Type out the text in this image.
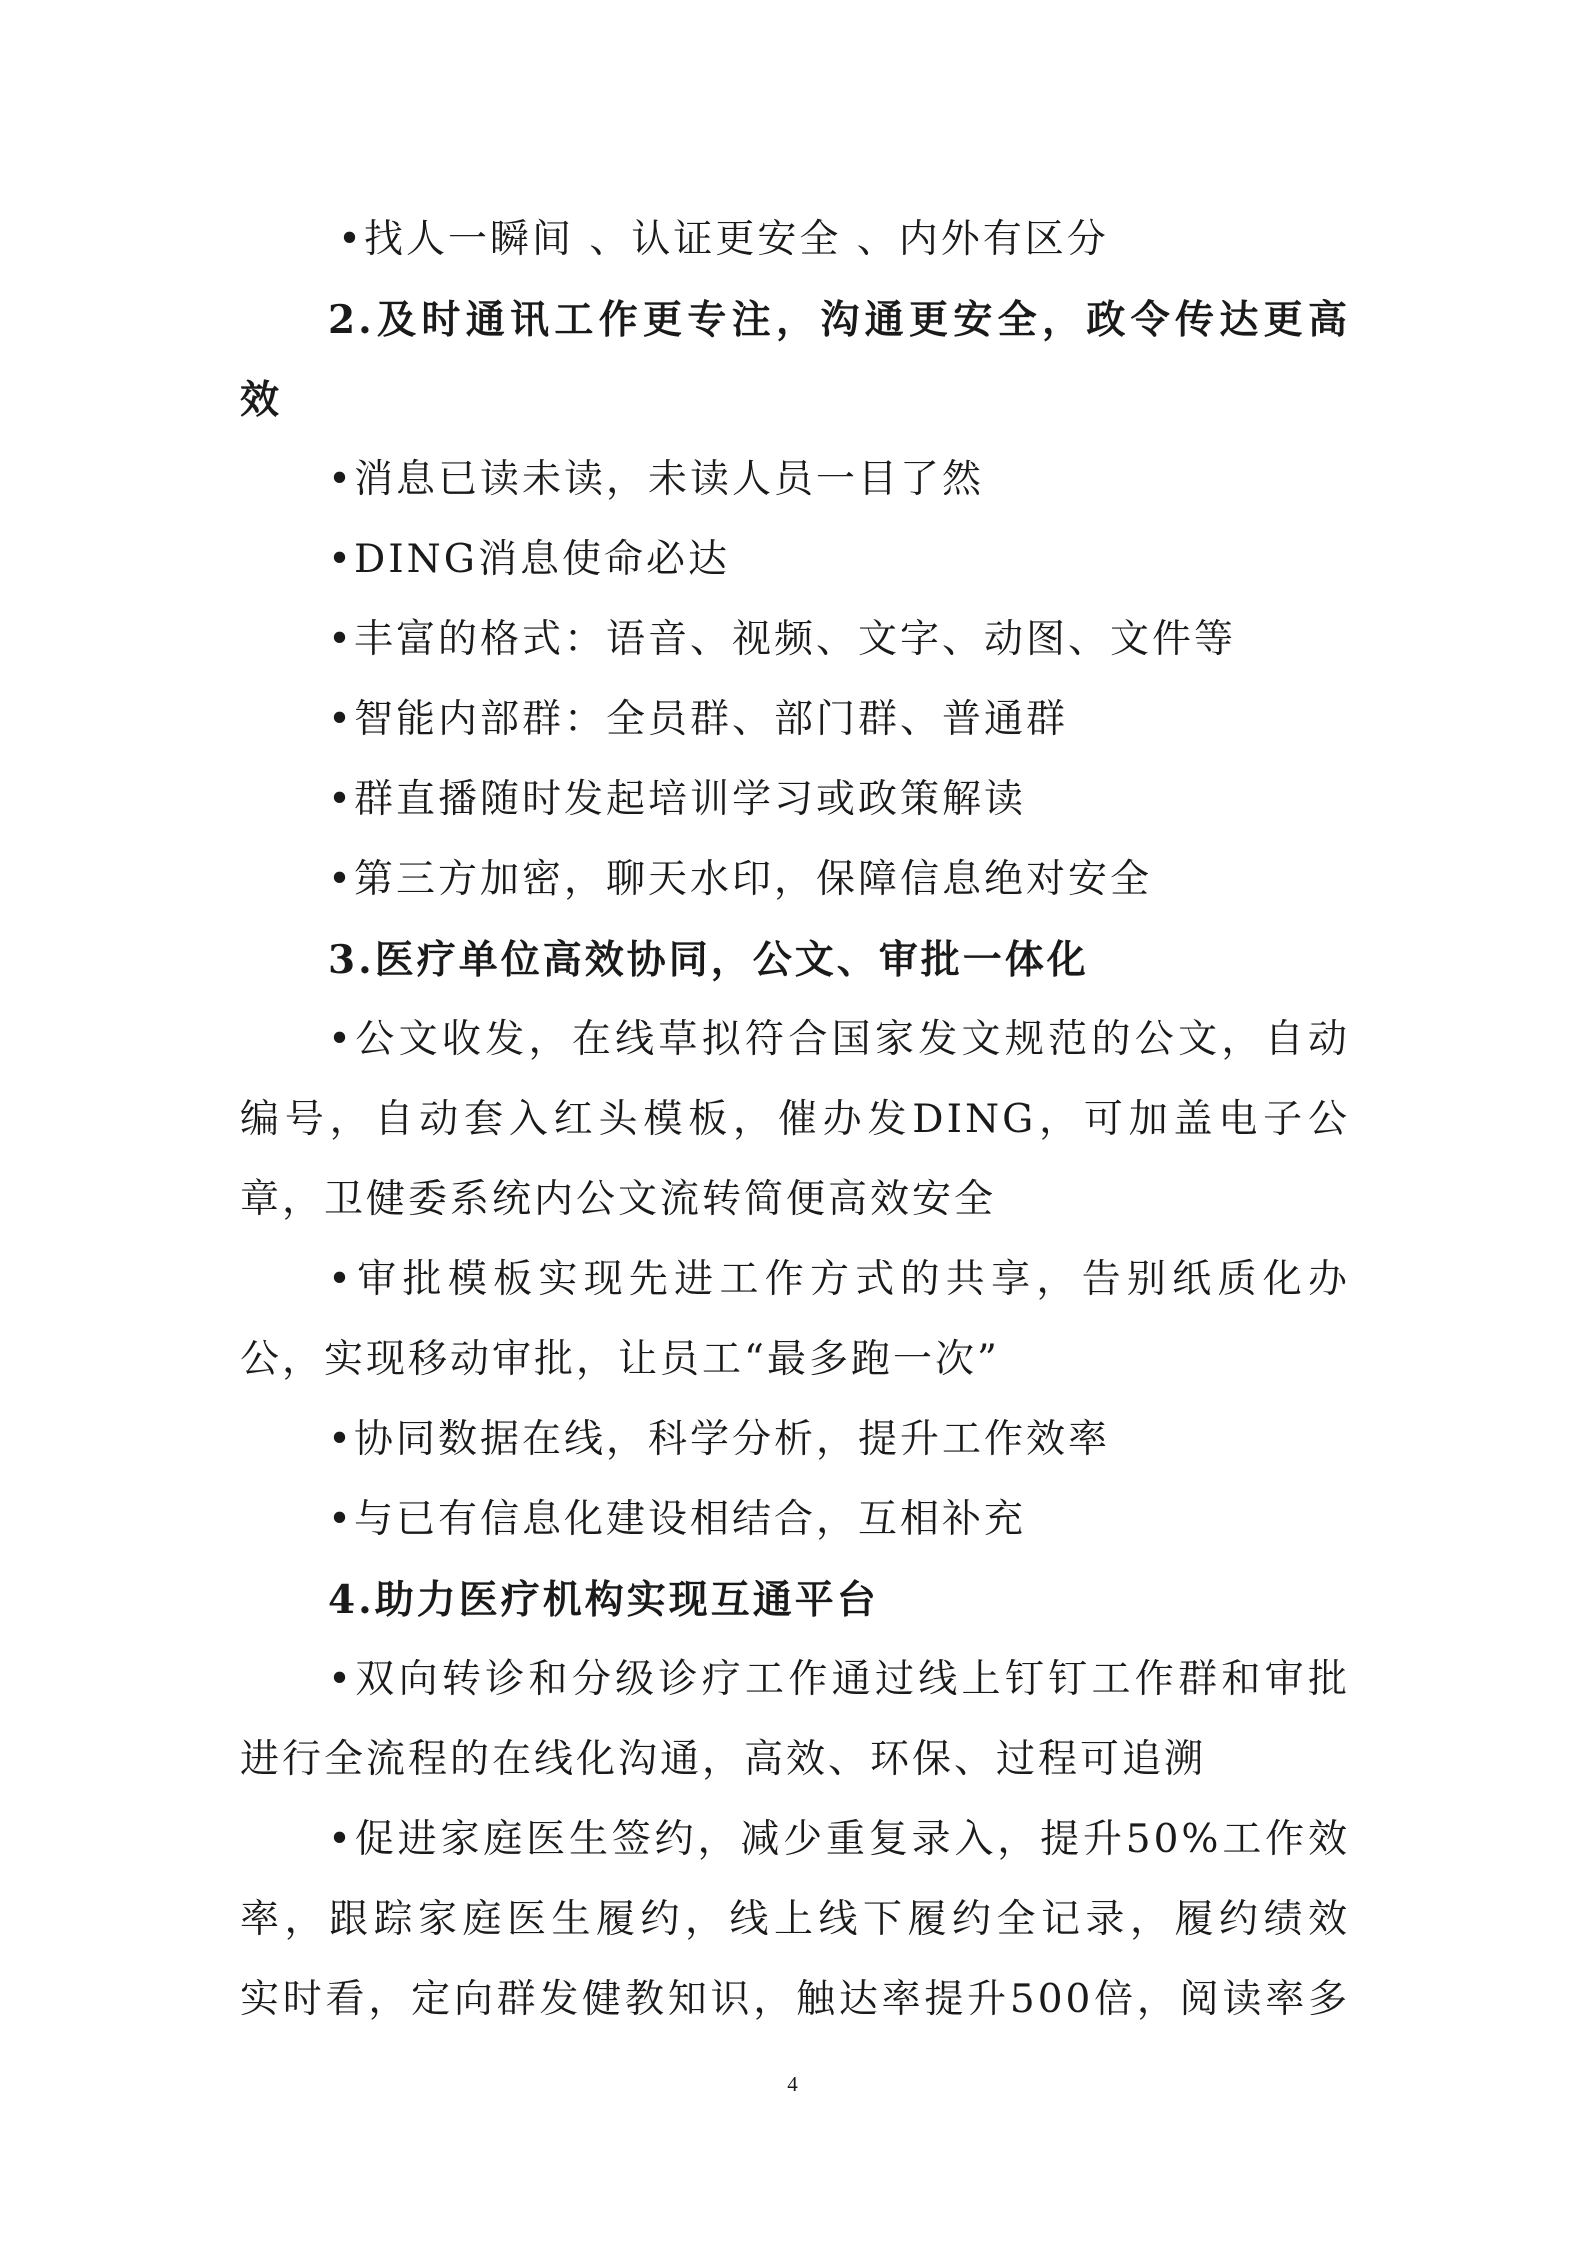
•找人一瞬间 、认证更安全 、内外有区分
2.及时通讯工作更专注，沟通更安全，政令传达更高
效
•消息已读未读，未读人员一目了然
•DING消息使命必达
•丰富的格式：语音、视频、文字、动图、文件等
•智能内部群：全员群、部门群、普通群
•群直播随时发起培训学习或政策解读
•第三方加密，聊天水印，保障信息绝对安全
3.医疗单位高效协同，公文、审批一体化
•公文收发，在线草拟符合国家发文规范的公文，自动
编号，自动套入红头模板，催办发DING，可加盖电子公
章，卫健委系统内公文流转简便高效安全
•审批模板实现先进工作方式的共享，告别纸质化办
公，实现移动审批，让员工“最多跑一次”
•协同数据在线，科学分析，提升工作效率
•与已有信息化建设相结合，互相补充
4.助力医疗机构实现互通平台
•双向转诊和分级诊疗工作通过线上钉钉工作群和审批
进行全流程的在线化沟通，高效、环保、过程可追溯
•促进家庭医生签约，减少重复录入，提升50%工作效
率，跟踪家庭医生履约，线上线下履约全记录，履约绩效
实时看，定向群发健教知识，触达率提升500倍，阅读率多
4
